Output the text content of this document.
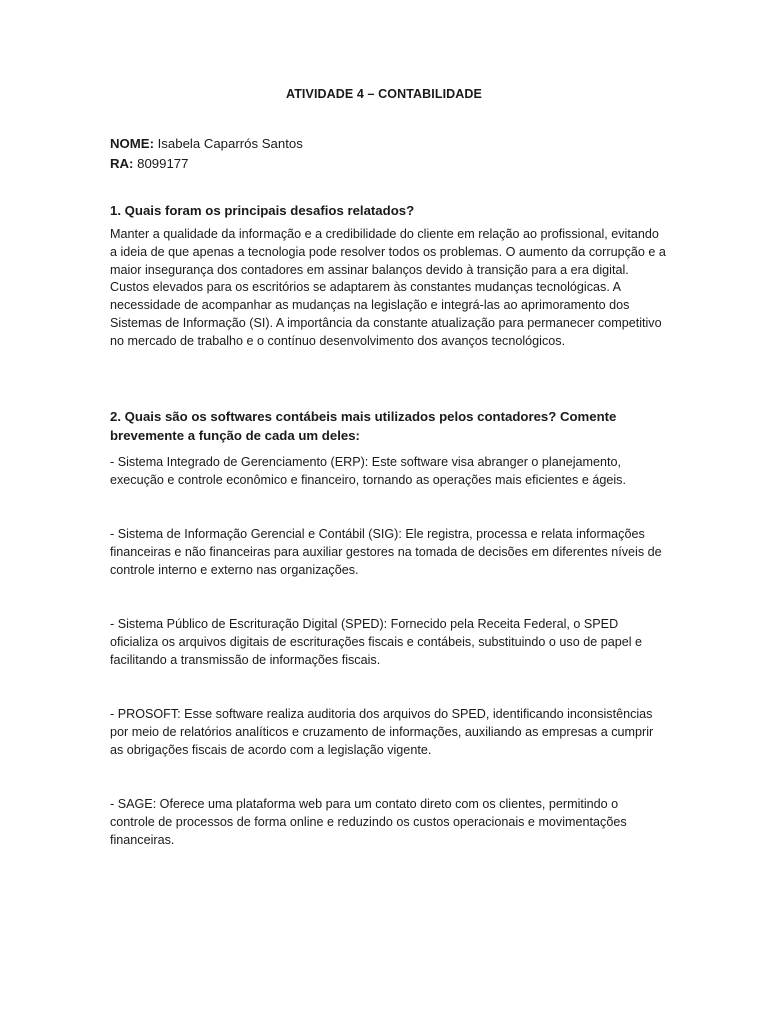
ATIVIDADE 4 – CONTABILIDADE
NOME: Isabela Caparrós Santos
RA: 8099177
1. Quais foram os principais desafios relatados?

Manter a qualidade da informação e a credibilidade do cliente em relação ao profissional, evitando a ideia de que apenas a tecnologia pode resolver todos os problemas. O aumento da corrupção e a maior insegurança dos contadores em assinar balanços devido à transição para a era digital. Custos elevados para os escritórios se adaptarem às constantes mudanças tecnológicas. A necessidade de acompanhar as mudanças na legislação e integrá-las ao aprimoramento dos Sistemas de Informação (SI). A importância da constante atualização para permanecer competitivo no mercado de trabalho e o contínuo desenvolvimento dos avanços tecnológicos.

2. Quais são os softwares contábeis mais utilizados pelos contadores? Comente brevemente a função de cada um deles:

- Sistema Integrado de Gerenciamento (ERP): Este software visa abranger o planejamento, execução e controle econômico e financeiro, tornando as operações mais eficientes e ágeis.

- Sistema de Informação Gerencial e Contábil (SIG): Ele registra, processa e relata informações financeiras e não financeiras para auxiliar gestores na tomada de decisões em diferentes níveis de controle interno e externo nas organizações.

- Sistema Público de Escrituração Digital (SPED): Fornecido pela Receita Federal, o SPED oficializa os arquivos digitais de escriturações fiscais e contábeis, substituindo o uso de papel e facilitando a transmissão de informações fiscais.

- PROSOFT: Esse software realiza auditoria dos arquivos do SPED, identificando inconsistências por meio de relatórios analíticos e cruzamento de informações, auxiliando as empresas a cumprir as obrigações fiscais de acordo com a legislação vigente.

- SAGE: Oferece uma plataforma web para um contato direto com os clientes, permitindo o controle de processos de forma online e reduzindo os custos operacionais e movimentações financeiras.
